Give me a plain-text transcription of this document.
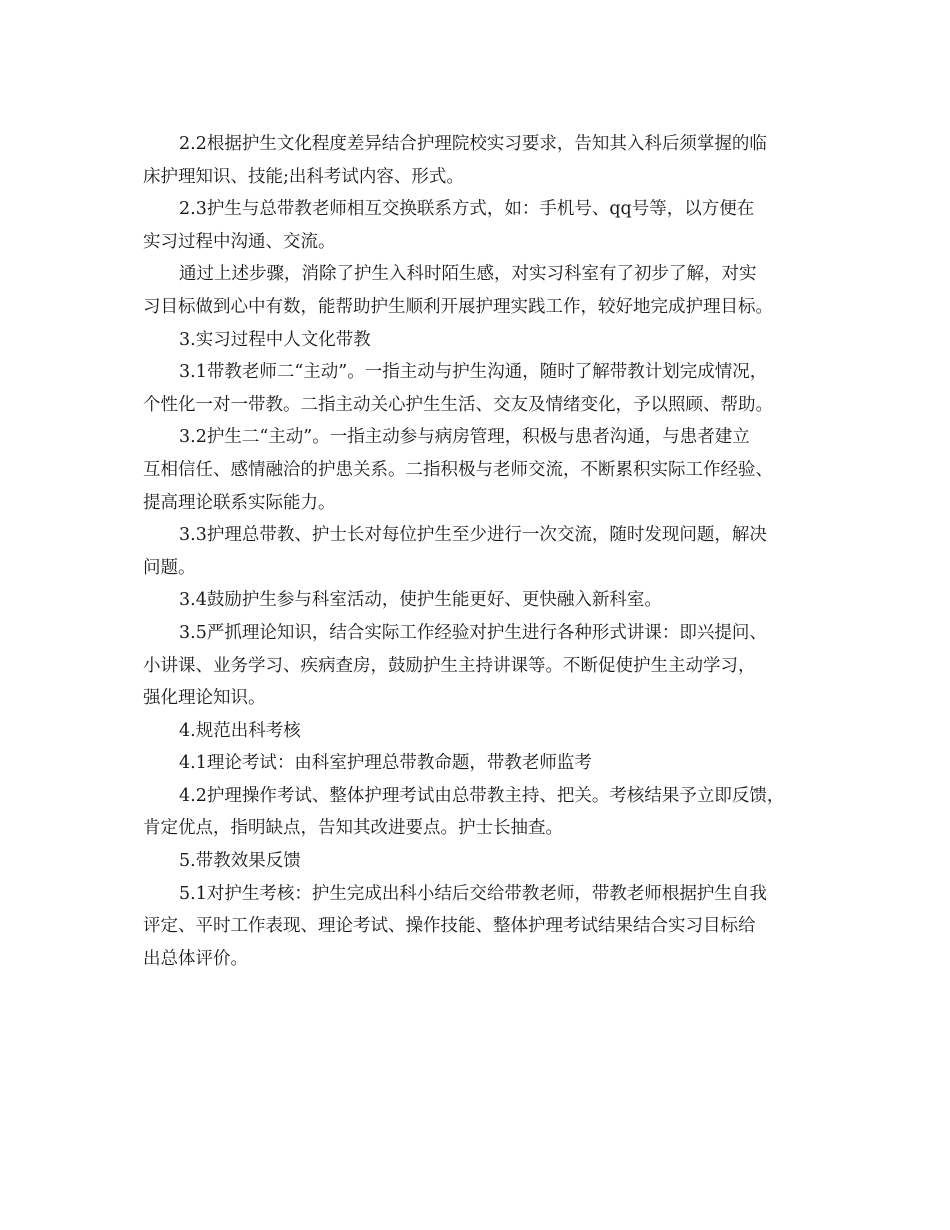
2.2根据护生文化程度差异结合护理院校实习要求，告知其入科后须掌握的临
床护理知识、技能;出科考试内容、形式。
2.3护生与总带教老师相互交换联系方式，如：手机号、qq号等，以方便在
实习过程中沟通、交流。
通过上述步骤，消除了护生入科时陌生感，对实习科室有了初步了解，对实
习目标做到心中有数，能帮助护生顺利开展护理实践工作，较好地完成护理目标。
3.实习过程中人文化带教
3.1带教老师二“主动”。一指主动与护生沟通，随时了解带教计划完成情况，
个性化一对一带教。二指主动关心护生生活、交友及情绪变化，予以照顾、帮助。
3.2护生二“主动”。一指主动参与病房管理，积极与患者沟通，与患者建立
互相信任、感情融洽的护患关系。二指积极与老师交流，不断累积实际工作经验、
提高理论联系实际能力。
3.3护理总带教、护士长对每位护生至少进行一次交流，随时发现问题，解决
问题。
3.4鼓励护生参与科室活动，使护生能更好、更快融入新科室。
3.5严抓理论知识，结合实际工作经验对护生进行各种形式讲课：即兴提问、
小讲课、业务学习、疾病查房，鼓励护生主持讲课等。不断促使护生主动学习，
强化理论知识。
4.规范出科考核
4.1理论考试：由科室护理总带教命题，带教老师监考
4.2护理操作考试、整体护理考试由总带教主持、把关。考核结果予立即反馈，
肯定优点，指明缺点，告知其改进要点。护士长抽查。
5.带教效果反馈
5.1对护生考核：护生完成出科小结后交给带教老师，带教老师根据护生自我
评定、平时工作表现、理论考试、操作技能、整体护理考试结果结合实习目标给
出总体评价。
